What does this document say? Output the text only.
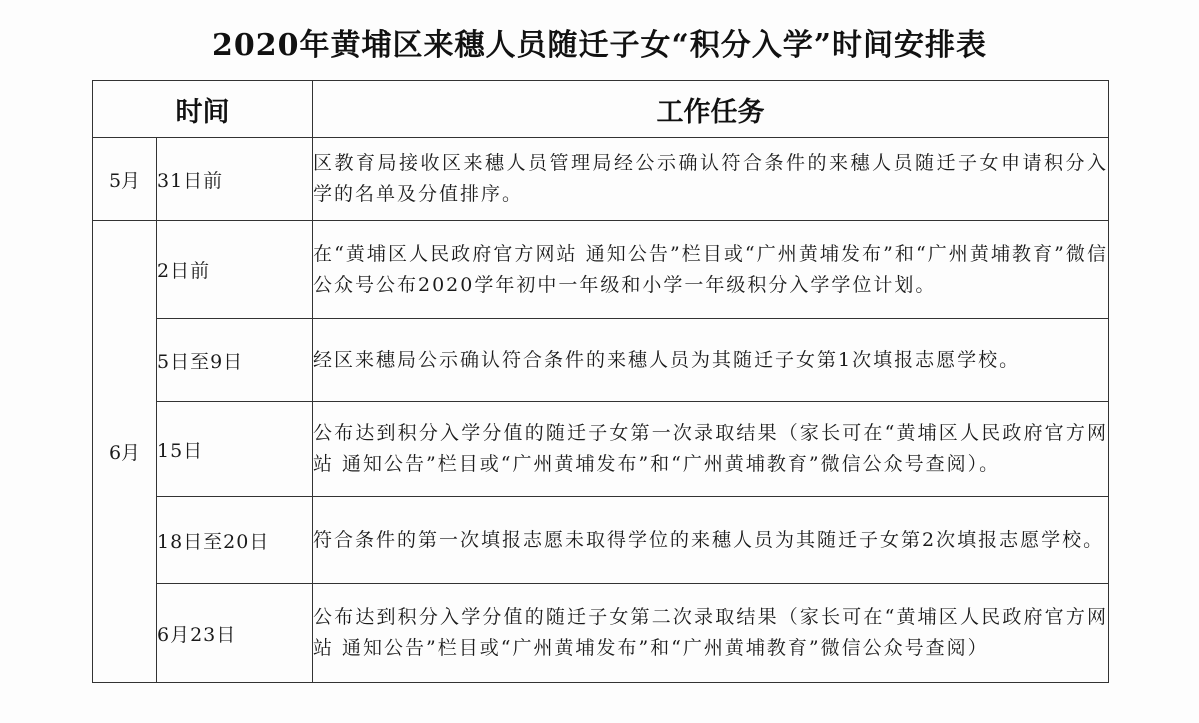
2020年黄埔区来穗人员随迁子女“积分入学”时间安排表
时间		工作任务
5月	31日前	区教育局接收区来穗人员管理局经公示确认符合条件的来穗人员随迁子女申请积分入学的名单及分值排序。
6月	2日前	在“黄埔区人民政府官方网站 通知公告”栏目或“广州黄埔发布”和“广州黄埔教育”微信公众号公布2020学年初中一年级和小学一年级积分入学学位计划。
	5日至9日	经区来穗局公示确认符合条件的来穗人员为其随迁子女第1次填报志愿学校。
	15日	公布达到积分入学分值的随迁子女第一次录取结果（家长可在“黄埔区人民政府官方网站 通知公告”栏目或“广州黄埔发布”和“广州黄埔教育”微信公众号查阅）。
	18日至20日	符合条件的第一次填报志愿未取得学位的来穗人员为其随迁子女第2次填报志愿学校。
	6月23日	公布达到积分入学分值的随迁子女第二次录取结果（家长可在“黄埔区人民政府官方网站 通知公告”栏目或“广州黄埔发布”和“广州黄埔教育”微信公众号查阅）
